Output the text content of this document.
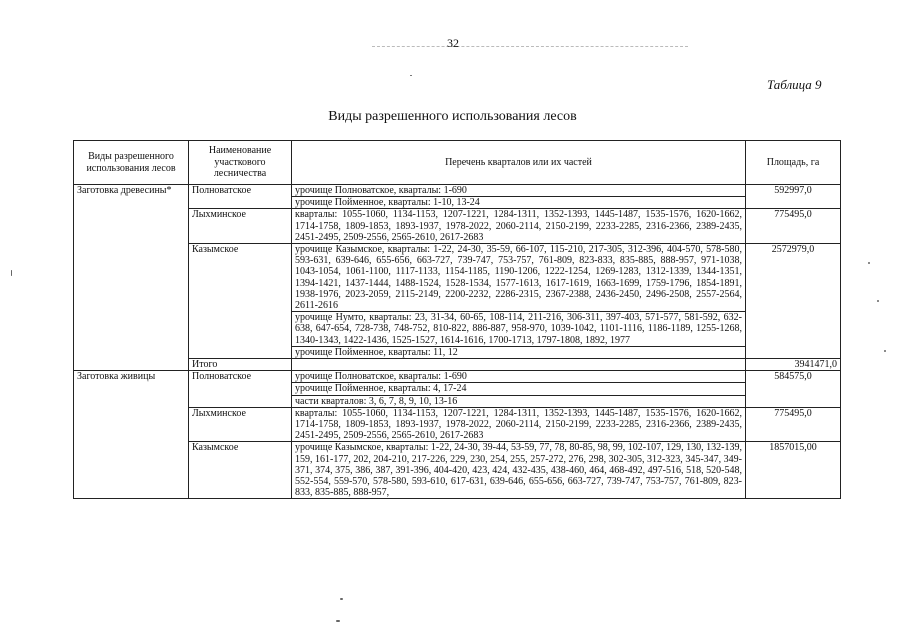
32
Таблица 9
Виды разрешенного использования лесов
Виды разрешенного использования лесов	Наименование участкового лесничества	Перечень кварталов или их частей	Площадь, га
Заготовка древесины*	Полноватское	урочище Полноватское, кварталы: 1-690	592997,0
		урочище Пойменное, кварталы: 1-10, 13-24	
	Лыхминское	кварталы: 1055-1060, 1134-1153, 1207-1221, 1284-1311, 1352-1393, 1445-1487, 1535-1576, 1620-1662, 1714-1758, 1809-1853, 1893-1937, 1978-2022, 2060-2114, 2150-2199, 2233-2285, 2316-2366, 2389-2435, 2451-2495, 2509-2556, 2565-2610, 2617-2683	775495,0
	Казымское	урочище Казымское, кварталы: 1-22, 24-30, 35-59, 66-107, 115-210, 217-305, 312-396, 404-570, 578-580, 593-631, 639-646, 655-656, 663-727, 739-747, 753-757, 761-809, 823-833, 835-885, 888-957, 971-1038, 1043-1054, 1061-1100, 1117-1133, 1154-1185, 1190-1206, 1222-1254, 1269-1283, 1312-1339, 1344-1351, 1394-1421, 1437-1444, 1488-1524, 1528-1534, 1577-1613, 1617-1619, 1663-1699, 1759-1796, 1854-1891, 1938-1976, 2023-2059, 2115-2149, 2200-2232, 2286-2315, 2367-2388, 2436-2450, 2496-2508, 2557-2564, 2611-2616	2572979,0
		урочище Нумто, кварталы: 23, 31-34, 60-65, 108-114, 211-216, 306-311, 397-403, 571-577, 581-592, 632-638, 647-654, 728-738, 748-752, 810-822, 886-887, 958-970, 1039-1042, 1101-1116, 1186-1189, 1255-1268, 1340-1343, 1422-1436, 1525-1527, 1614-1616, 1700-1713, 1797-1808, 1892, 1977	
		урочище Пойменное, кварталы: 11, 12	
	Итого		3941471,0
Заготовка живицы	Полноватское	урочище Полноватское, кварталы: 1-690	584575,0
		урочище Пойменное, кварталы: 4, 17-24	
		части кварталов: 3, 6, 7, 8, 9, 10, 13-16	
	Лыхминское	кварталы: 1055-1060, 1134-1153, 1207-1221, 1284-1311, 1352-1393, 1445-1487, 1535-1576, 1620-1662, 1714-1758, 1809-1853, 1893-1937, 1978-2022, 2060-2114, 2150-2199, 2233-2285, 2316-2366, 2389-2435, 2451-2495, 2509-2556, 2565-2610, 2617-2683	775495,0
	Казымское	урочище Казымское, кварталы: 1-22, 24-30, 39-44, 53-59, 77, 78, 80-85, 98, 99, 102-107, 129, 130, 132-139, 159, 161-177, 202, 204-210, 217-226, 229, 230, 254, 255, 257-272, 276, 298, 302-305, 312-323, 345-347, 349-371, 374, 375, 386, 387, 391-396, 404-420, 423, 424, 432-435, 438-460, 464, 468-492, 497-516, 518, 520-548, 552-554, 559-570, 578-580, 593-610, 617-631, 639-646, 655-656, 663-727, 739-747, 753-757, 761-809, 823-833, 835-885, 888-957,	1857015,00
